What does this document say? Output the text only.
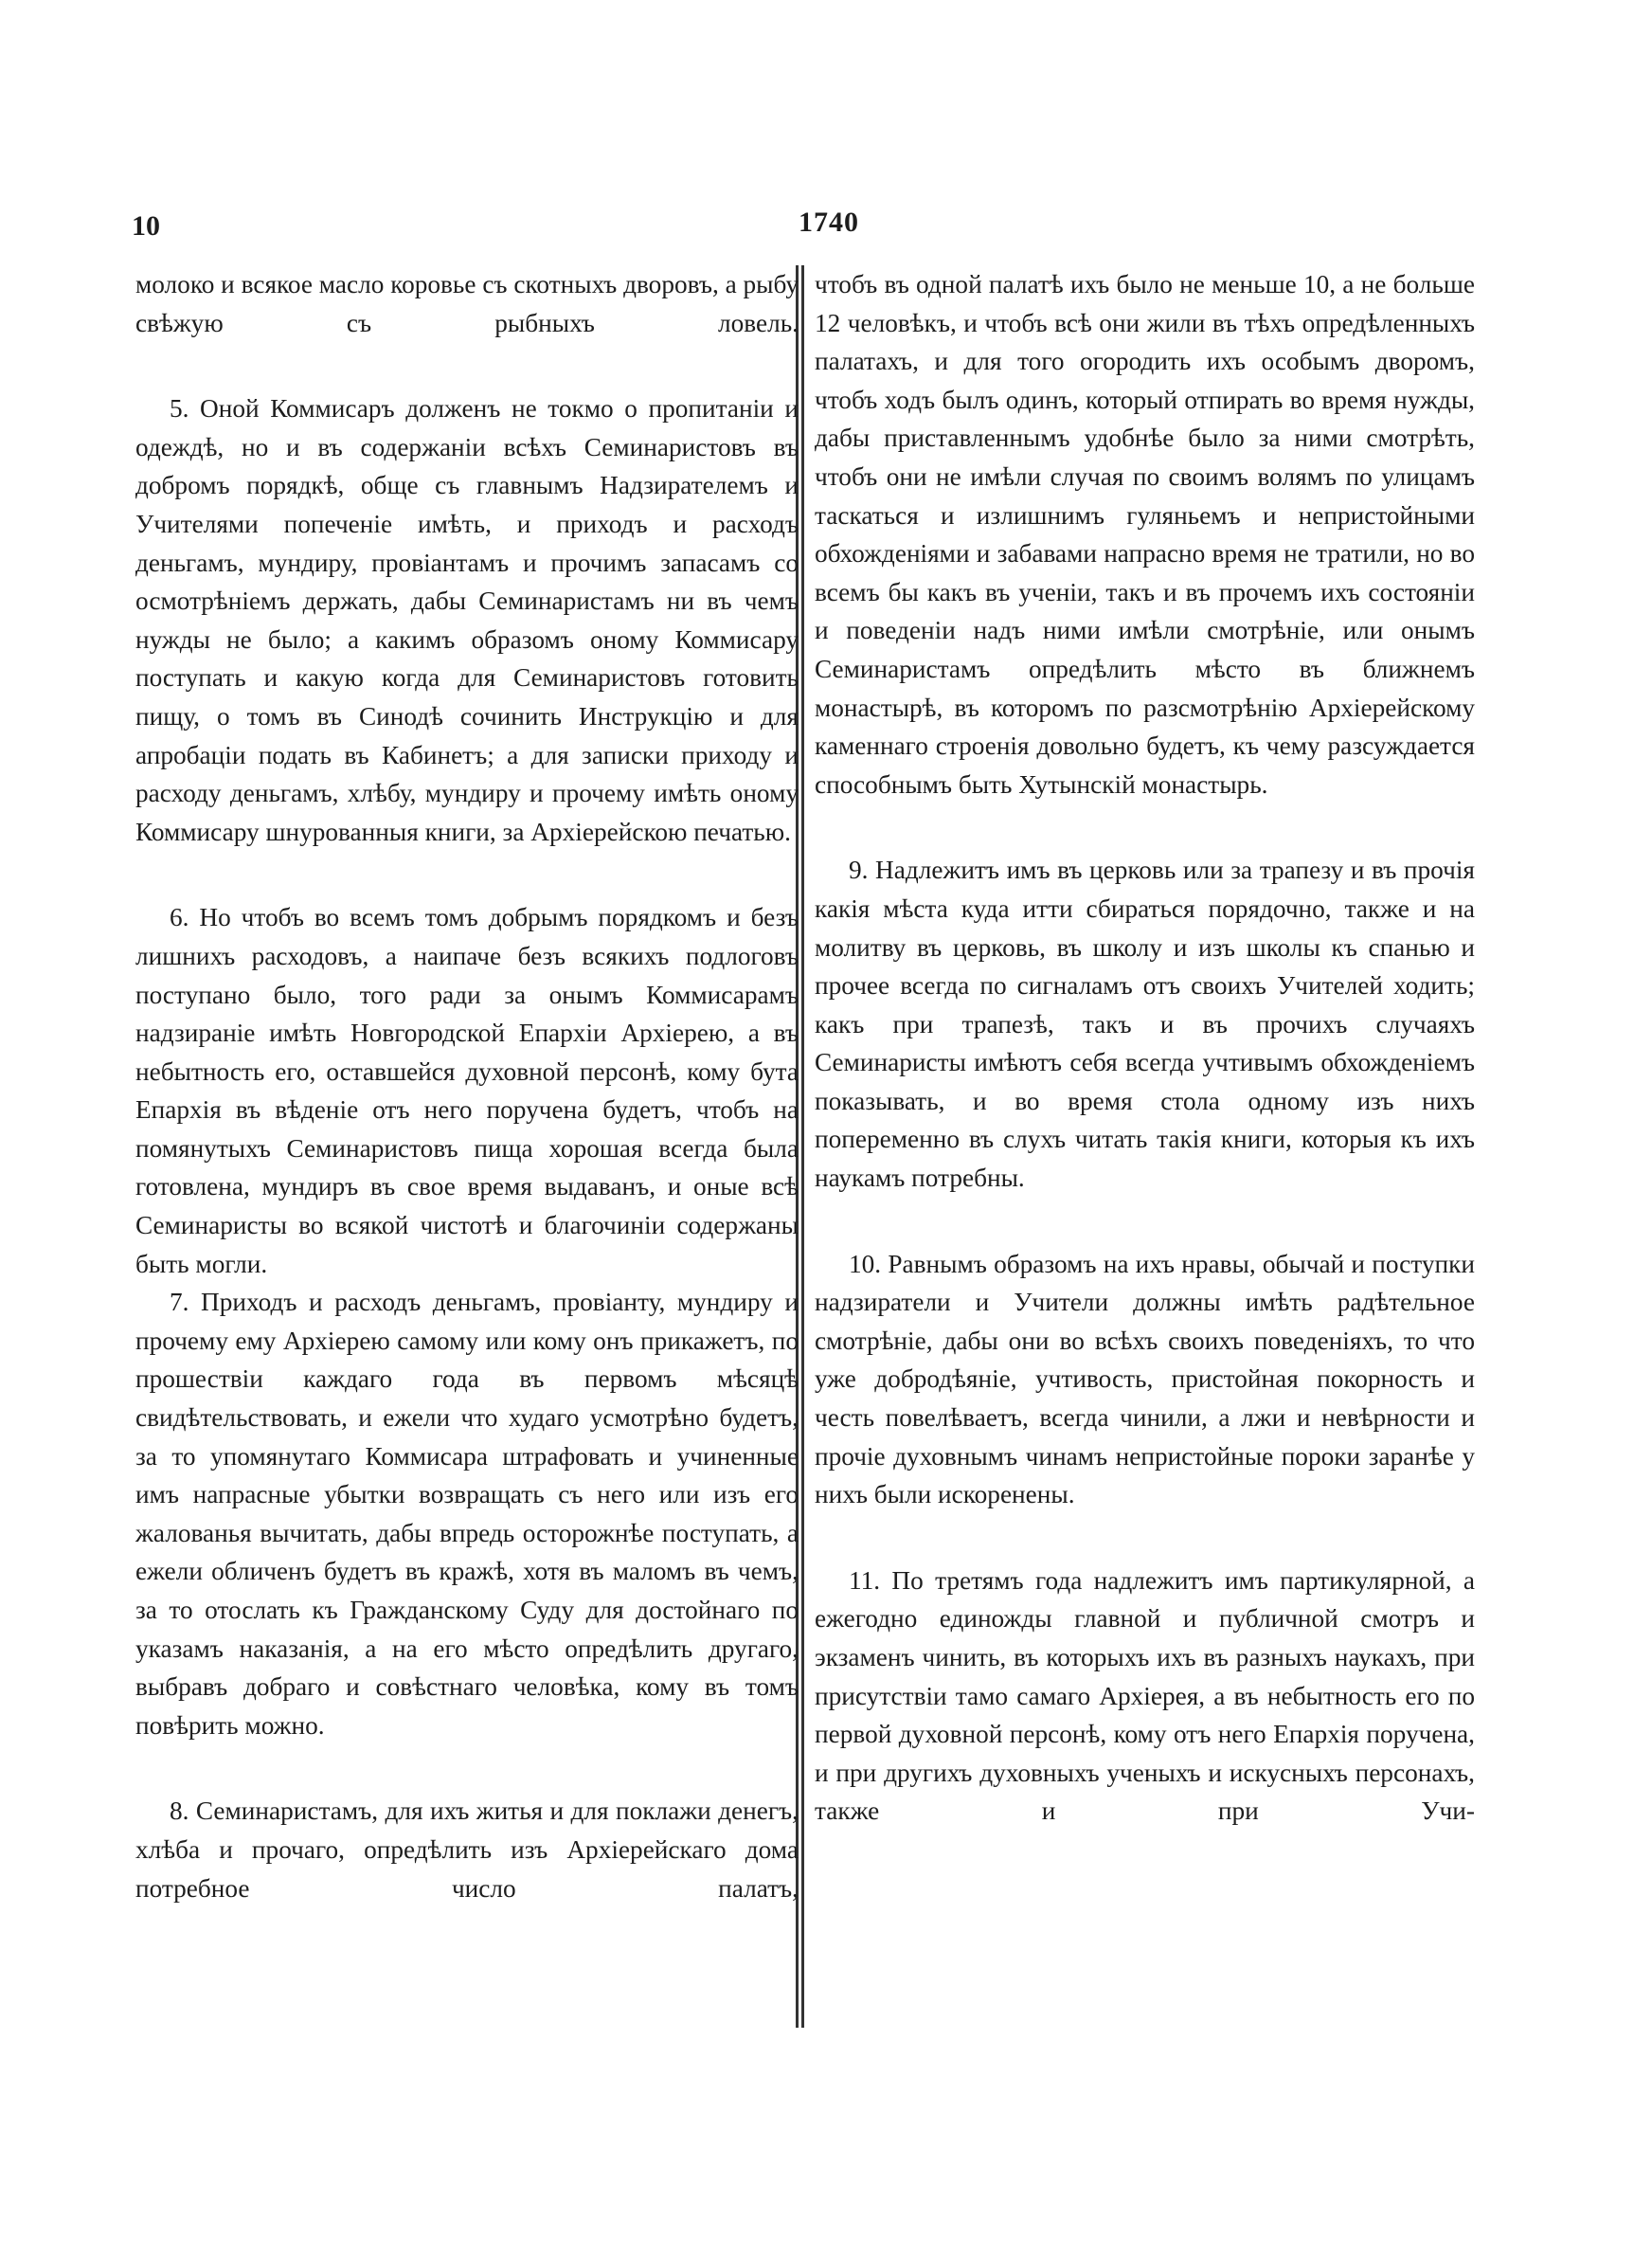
10	1740

молоко и всякое масло коровье съ скотныхъ дворовъ, а рыбу свѣжую съ рыбныхъ ловель.

5. Оной Коммисаръ долженъ не токмо о пропитаніи и одеждѣ, но и въ содержаніи всѣхъ Семинаристовъ въ добромъ порядкѣ, обще съ главнымъ Надзирателемъ и Учителями попеченіе имѣть, и приходъ и расходъ деньгамъ, мундиру, провіантамъ и прочимъ запасамъ со осмотрѣніемъ держать, дабы Семинаристамъ ни въ чемъ нужды не было; а какимъ образомъ оному Коммисару поступать и какую когда для Семинаристовъ готовить пищу, о томъ въ Синодѣ сочинить Инструкцію и для апробаціи подать въ Кабинетъ; а для записки приходу и расходу деньгамъ, хлѣбу, мундиру и прочему имѣть оному Коммисару шнурованныя книги, за Архіерейскою печатью.

6. Но чтобъ во всемъ томъ добрымъ порядкомъ и безъ лишнихъ расходовъ, а наипаче безъ всякихъ подлоговъ поступано было, того ради за онымъ Коммисарамъ надзираніе имѣть Новгородской Епархіи Архіерею, а въ небытность его, оставшейся духовной персонѣ, кому бута Епархія въ вѣденіе отъ него поручена будетъ, чтобъ на помянутыхъ Семинаристовъ пища хорошая всегда была готовлена, мундиръ въ свое время выдаванъ, и оные всѣ Семинаристы во всякой чистотѣ и благочиніи содержаны быть могли.

7. Приходъ и расходъ деньгамъ, провіанту, мундиру и прочему ему Архіерею самому или кому онъ прикажетъ, по прошествіи каждаго года въ первомъ мѣсяцѣ свидѣтельствовать, и ежели что худаго усмотрѣно будетъ, за то упомянутаго Коммисара штрафовать и учиненные имъ напрасные убытки возвращать съ него или изъ его жалованья вычитать, дабы впредь осторожнѣе поступать, а ежели обличенъ будетъ въ кражѣ, хотя въ маломъ въ чемъ, за то отослать къ Гражданскому Суду для достойнаго по указамъ наказанія, а на его мѣсто опредѣлить другаго, выбравъ добраго и совѣстнаго человѣка, кому въ томъ повѣрить можно.

8. Семинаристамъ, для ихъ житья и для поклажи денегъ, хлѣба и прочаго, опредѣлить изъ Архіерейскаго дома потребное число палатъ,

чтобъ въ одной палатѣ ихъ было не меньше 10, а не больше 12 человѣкъ, и чтобъ всѣ они жили въ тѣхъ опредѣленныхъ палатахъ, и для того огородить ихъ особымъ дворомъ, чтобъ ходъ былъ одинъ, который отпирать во время нужды, дабы приставленнымъ удобнѣе было за ними смотрѣть, чтобъ они не имѣли случая по своимъ волямъ по улицамъ таскаться и излишнимъ гуляньемъ и непристойными обхожденіями и забавами напрасно время не тратили, но во всемъ бы какъ въ ученіи, такъ и въ прочемъ ихъ состояніи и поведеніи надъ ними имѣли смотрѣніе, или онымъ Семинаристамъ опредѣлить мѣсто въ ближнемъ монастырѣ, въ которомъ по разсмотрѣнію Архіерейскому каменнаго строенія довольно будетъ, къ чему разсуждается способнымъ быть Хутынскій монастырь.

9. Надлежитъ имъ въ церковь или за трапезу и въ прочія какія мѣста куда итти сбираться порядочно, также и на молитву въ церковь, въ школу и изъ школы къ спанью и прочее всегда по сигналамъ отъ своихъ Учителей ходить; какъ при трапезѣ, такъ и въ прочихъ случаяхъ Семинаристы имѣютъ себя всегда учтивымъ обхожденіемъ показывать, и во время стола одному изъ нихъ попеременно въ слухъ читать такія книги, которыя къ ихъ наукамъ потребны.

10. Равнымъ образомъ на ихъ нравы, обычай и поступки надзиратели и Учители должны имѣть радѣтельное смотрѣніе, дабы они во всѣхъ своихъ поведеніяхъ, то что уже добродѣяніе, учтивость, пристойная покорность и честь повелѣваетъ, всегда чинили, а лжи и невѣрности и прочіе духовнымъ чинамъ непристойные пороки заранѣе у нихъ были искоренены.

11. По третямъ года надлежитъ имъ партикулярной, а ежегодно единожды главной и публичной смотръ и экзаменъ чинить, въ которыхъ ихъ въ разныхъ наукахъ, при присутствіи тамо самаго Архіерея, а въ небытность его по первой духовной персонѣ, кому отъ него Епархія поручена, и при другихъ духовныхъ ученыхъ и искусныхъ персонахъ, также и при Учи-
